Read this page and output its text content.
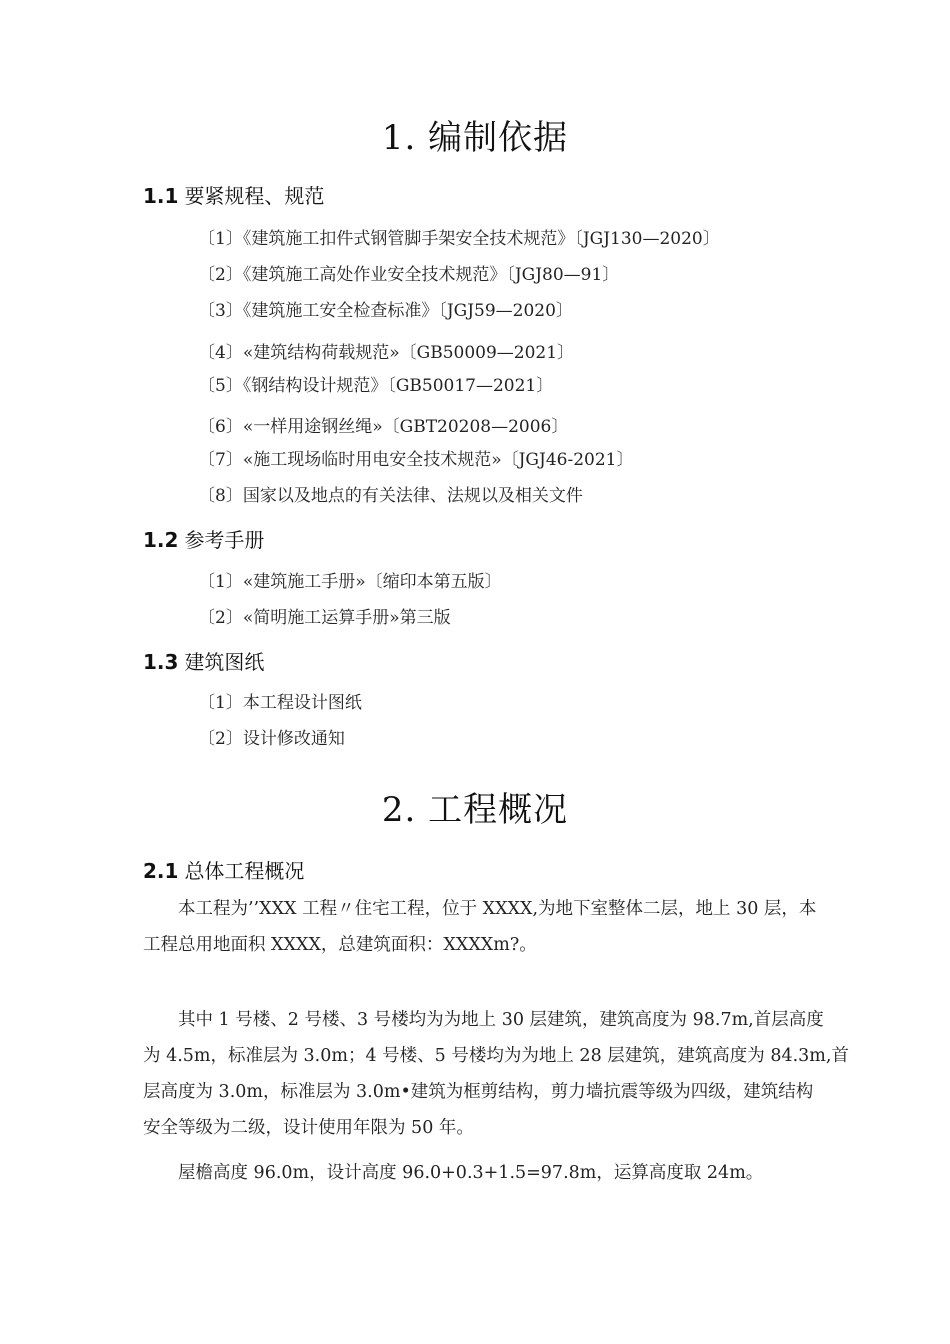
1. 编制依据
1.1 要紧规程、规范
〔1〕《建筑施工扣件式钢管脚手架安全技术规范》〔JGJ130—2020〕
〔2〕《建筑施工高处作业安全技术规范》〔JGJ80—91〕
〔3〕《建筑施工安全检查标准》〔JGJ59—2020〕
〔4〕«建筑结构荷载规范»〔GB50009—2021〕
〔5〕《钢结构设计规范》〔GB50017—2021〕
〔6〕«一样用途钢丝绳»〔GBT20208—2006〕
〔7〕«施工现场临时用电安全技术规范»〔JGJ46-2021〕
〔8〕国家以及地点的有关法律、法规以及相关文件
1.2 参考手册
〔1〕«建筑施工手册»〔缩印本第五版〕
〔2〕«简明施工运算手册»第三版
1.3 建筑图纸
〔1〕本工程设计图纸
〔2〕设计修改通知
2. 工程概况
2.1 总体工程概况
　　本工程为’’XXX 工程〃住宅工程，位于 XXXX,为地下室整体二层，地上 30 层，本
工程总用地面积 XXXX，总建筑面积：XXXXm?。
　　其中 1 号楼、2 号楼、3 号楼均为为地上 30 层建筑，建筑高度为 98.7m,首层高度
为 4.5m，标准层为 3.0m；4 号楼、5 号楼均为为地上 28 层建筑，建筑高度为 84.3m,首
层高度为 3.0m，标准层为 3.0m•建筑为框剪结构，剪力墙抗震等级为四级，建筑结构
安全等级为二级，设计使用年限为 50 年。
　　屋檐高度 96.0m，设计高度 96.0+0.3+1.5=97.8m，运算高度取 24m。
